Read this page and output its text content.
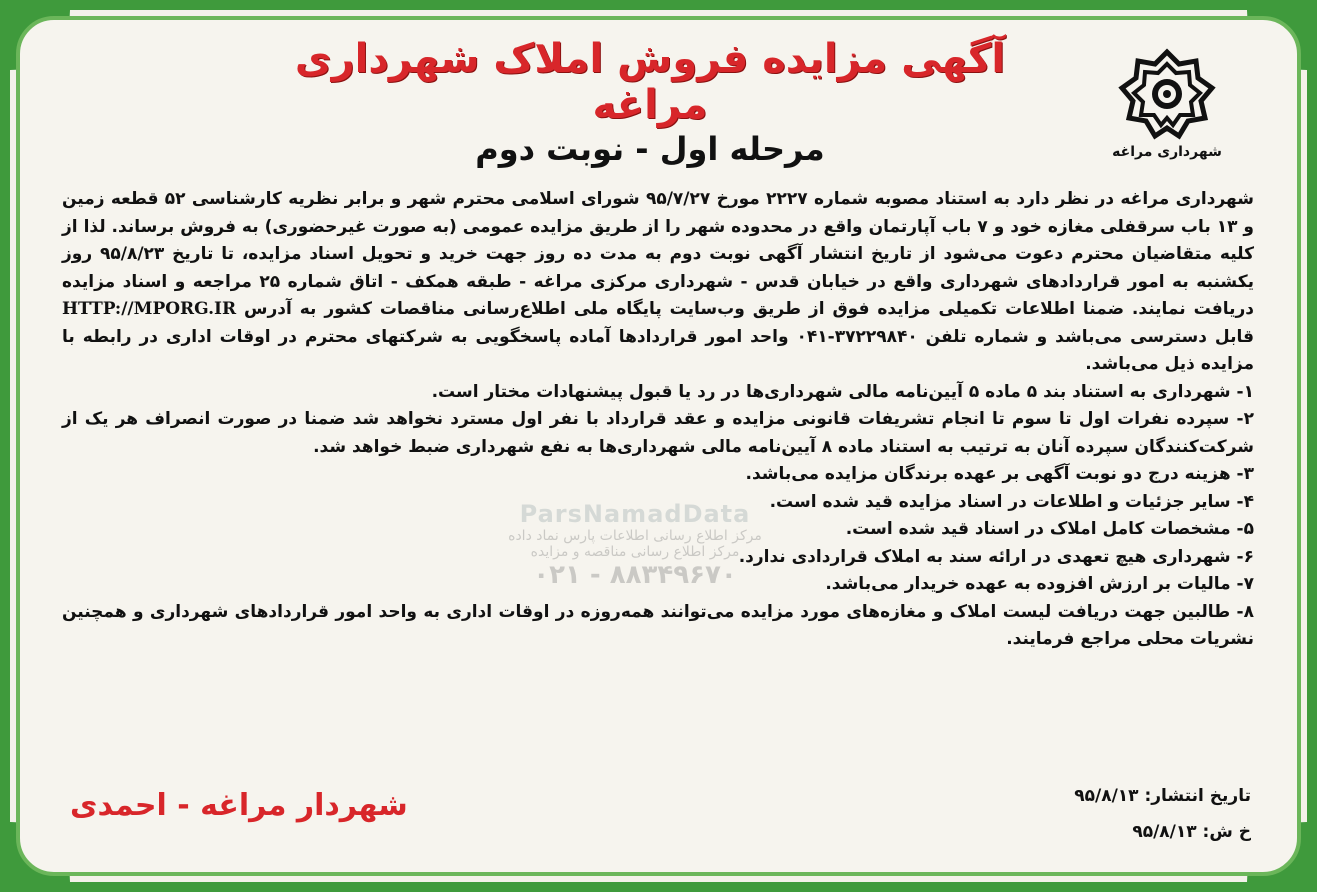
شهرداری مراغه
آگهی مزایده فروش املاک شهرداری مراغه
مرحله اول - نوبت دوم

شهرداری مراغه در نظر دارد به استناد مصوبه شماره ۲۲۲۷ مورخ ۹۵/۷/۲۷ شورای اسلامی محترم شهر و برابر نظریه کارشناسی ۵۲ قطعه زمین و ۱۳ باب سرقفلی مغازه خود و ۷ باب آپارتمان واقع در محدوده شهر را از طریق مزایده عمومی (به صورت غیرحضوری) به فروش برساند. لذا از کلیه متقاضیان محترم دعوت می‌شود از تاریخ انتشار آگهی نوبت دوم به مدت ده روز جهت خرید و تحویل اسناد مزایده، تا تاریخ ۹۵/۸/۲۳ روز یکشنبه به امور قراردادهای شهرداری واقع در خیابان قدس - شهرداری مرکزی مراغه - طبقه همکف - اتاق شماره ۲۵ مراجعه و اسناد مزایده دریافت نمایند. ضمنا اطلاعات تکمیلی مزایده فوق از طریق وب‌سایت پایگاه ملی اطلاع‌رسانی مناقصات کشور به آدرس HTTP://MPORG.IR قابل دسترسی می‌باشد و شماره تلفن ۳۷۲۲۹۸۴۰-۰۴۱ واحد امور قراردادها آماده پاسخگویی به شرکتهای محترم در اوقات اداری در رابطه با مزایده ذیل می‌باشد.

۱- شهرداری به استناد بند ۵ ماده ۵ آیین‌نامه مالی شهرداری‌ها در رد یا قبول پیشنهادات مختار است.

۲- سپرده نفرات اول تا سوم تا انجام تشریفات قانونی مزایده و عقد قرارداد با نفر اول مسترد نخواهد شد ضمنا در صورت انصراف هر یک از شرکت‌کنندگان سپرده آنان به ترتیب به استناد ماده ۸ آیین‌نامه مالی شهرداری‌ها به نفع شهرداری ضبط خواهد شد.

۳- هزینه درج دو نوبت آگهی بر عهده برندگان مزایده می‌باشد.

۴- سایر جزئیات و اطلاعات در اسناد مزایده قید شده است.

۵- مشخصات کامل املاک در اسناد قید شده است.

۶- شهرداری هیچ تعهدی در ارائه سند به املاک قراردادی ندارد.

۷- مالیات بر ارزش افزوده به عهده خریدار می‌باشد.

۸- طالبین جهت دریافت لیست املاک و مغازه‌های مورد مزایده می‌توانند همه‌روزه در اوقات اداری به واحد امور قراردادهای شهرداری و همچنین نشریات محلی مراجع فرمایند.

ParsNamadData
مرکز اطلاع رسانی اطلاعات پارس نماد داده
مرکز اطلاع رسانی مناقصه و مزایده
۰۲۱ - ۸۸۳۴۹۶۷۰
تاریخ انتشار: ۹۵/۸/۱۳
خ ش: ۹۵/۸/۱۳
شهردار مراغه - احمدی
